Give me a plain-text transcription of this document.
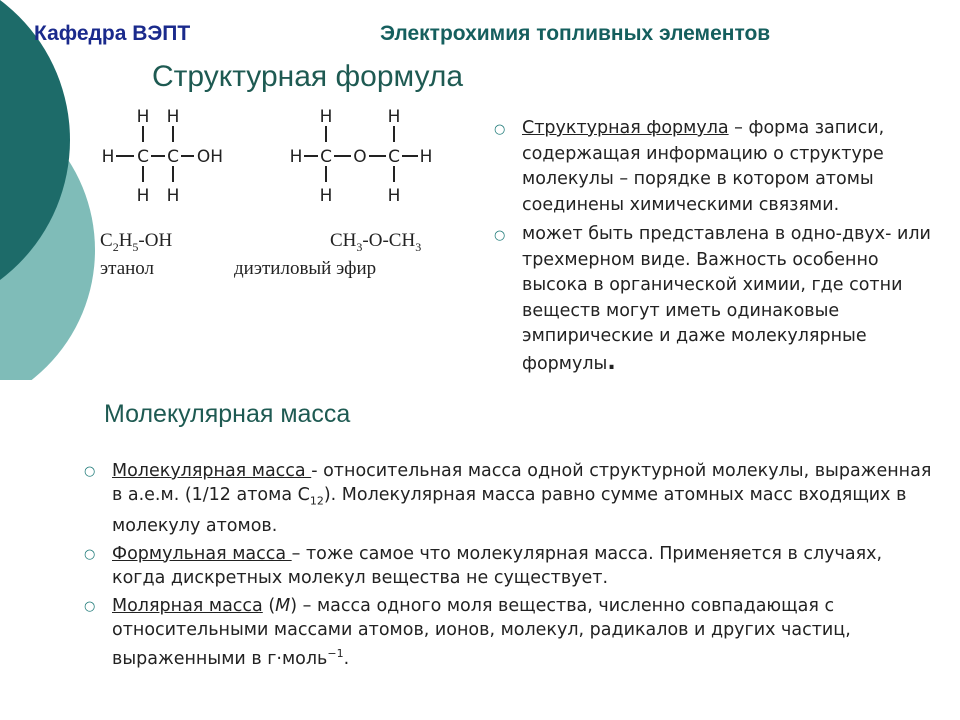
Кафедра ВЭПТ	Электрохимия топливных элементов
Структурная формула
H H
H C C OH
H H
H	H
H C O C H
H	H
$C_2H_5-OH$
этанол
$CH_3-O-CH_3$
диэтиловый эфир
○ Структурная формула – форма записи, содержащая информацию о структуре молекулы – порядке в котором атомы соединены химическими связями.
○ может быть представлена в одно-двух- или трехмерном виде. Важность особенно высока в органической химии, где сотни веществ могут иметь одинаковые эмпирические и даже молекулярные формулы.
Молекулярная масса
○ Молекулярная масса - относительная масса одной структурной молекулы, выраженная в а.е.м. (1/12 атома $С_{12}$). Молекулярная масса равно сумме атомных масс входящих в молекулу атомов.
○ Формульная масса – тоже самое что молекулярная масса. Применяется в случаях, когда дискретных молекул вещества не существует.
○ Молярная масса (M) – масса одного моля вещества, численно совпадающая с относительными массами атомов, ионов, молекул, радикалов и других частиц, выраженными в г·моль$^{-1}$.
